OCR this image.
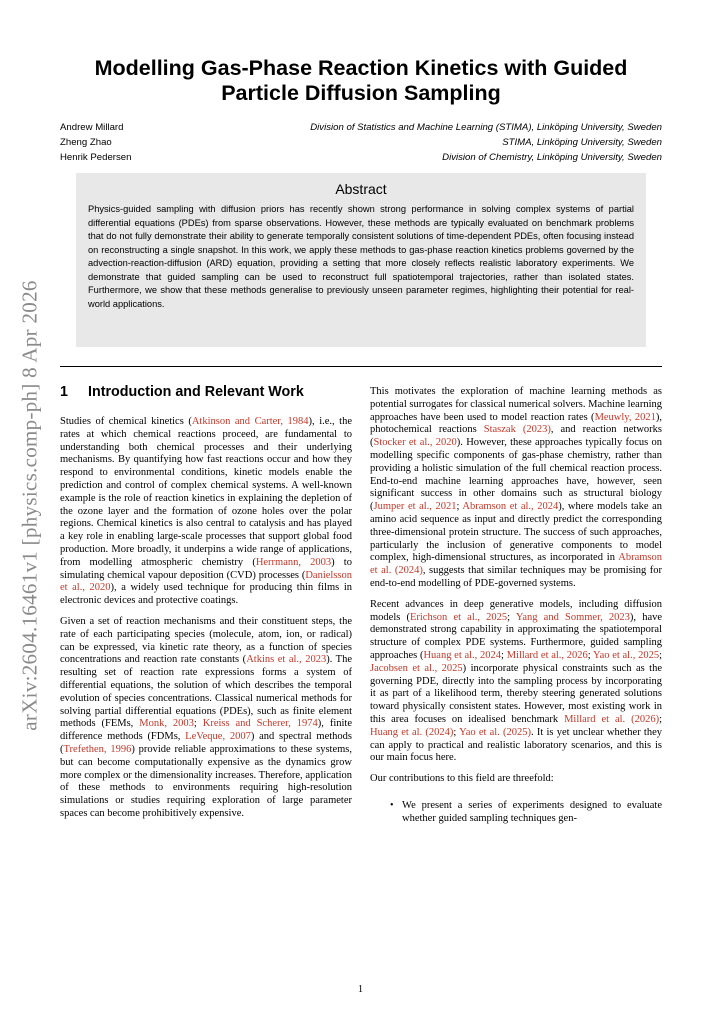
arXiv:2604.16461v1 [physics.comp-ph] 8 Apr 2026
Modelling Gas-Phase Reaction Kinetics with Guided
Particle Diffusion Sampling
Andrew Millard	Division of Statistics and Machine Learning (STIMA), Linköping University, Sweden
Zheng Zhao	STIMA, Linköping University, Sweden
Henrik Pedersen	Division of Chemistry, Linköping University, Sweden
Abstract

Physics-guided sampling with diffusion priors has recently shown strong performance in solving complex systems of partial differential equations (PDEs) from sparse observations. However, these methods are typically evaluated on benchmark problems that do not fully demonstrate their ability to generate temporally consistent solutions of time-dependent PDEs, often focusing instead on reconstructing a single snapshot. In this work, we apply these methods to gas-phase reaction kinetics problems governed by the advection-reaction-diffusion (ARD) equation, providing a setting that more closely reflects realistic laboratory experiments. We demonstrate that guided sampling can be used to reconstruct full spatiotemporal trajectories, rather than isolated states. Furthermore, we show that these methods generalise to previously unseen parameter regimes, highlighting their potential for real-world applications.

1 Introduction and Relevant Work

Studies of chemical kinetics (Atkinson and Carter, 1984), i.e., the rates at which chemical reactions proceed, are fundamental to understanding both chemical processes and their underlying mechanisms. By quantifying how fast reactions occur and how they respond to environmental conditions, kinetic models enable the prediction and control of complex chemical systems. A well-known example is the role of reaction kinetics in explaining the depletion of the ozone layer and the formation of ozone holes over the polar regions. Chemical kinetics is also central to catalysis and has played a key role in enabling large-scale processes that support global food production. More broadly, it underpins a wide range of applications, from modelling atmospheric chemistry (Herrmann, 2003) to simulating chemical vapour deposition (CVD) processes (Danielsson et al., 2020), a widely used technique for producing thin films in electronic devices and protective coatings.

Given a set of reaction mechanisms and their constituent steps, the rate of each participating species (molecule, atom, ion, or radical) can be expressed, via kinetic rate theory, as a function of species concentrations and reaction rate constants (Atkins et al., 2023). The resulting set of reaction rate expressions forms a system of differential equations, the solution of which describes the temporal evolution of species concentrations. Classical numerical methods for solving partial differential equations (PDEs), such as finite element methods (FEMs, Monk, 2003; Kreiss and Scherer, 1974), finite difference methods (FDMs, LeVeque, 2007) and spectral methods (Trefethen, 1996) provide reliable approximations to these systems, but can become computationally expensive as the dynamics grow more complex or the dimensionality increases. Therefore, application of these methods to environments requiring high-resolution simulations or studies requiring exploration of large parameter spaces can become prohibitively expensive.

This motivates the exploration of machine learning methods as potential surrogates for classical numerical solvers. Machine learning approaches have been used to model reaction rates (Meuwly, 2021), photochemical reactions Staszak (2023), and reaction networks (Stocker et al., 2020). However, these approaches typically focus on modelling specific components of gas-phase chemistry, rather than providing a holistic simulation of the full chemical reaction process. End-to-end machine learning approaches have, however, seen significant success in other domains such as structural biology (Jumper et al., 2021; Abramson et al., 2024), where models take an amino acid sequence as input and directly predict the corresponding three-dimensional protein structure. The success of such approaches, particularly the inclusion of generative components to model complex, high-dimensional structures, as incorporated in Abramson et al. (2024), suggests that similar techniques may be promising for end-to-end modelling of PDE-governed systems.

Recent advances in deep generative models, including diffusion models (Erichson et al., 2025; Yang and Sommer, 2023), have demonstrated strong capability in approximating the spatiotemporal structure of complex PDE systems. Furthermore, guided sampling approaches (Huang et al., 2024; Millard et al., 2026; Yao et al., 2025; Jacobsen et al., 2025) incorporate physical constraints such as the governing PDE, directly into the sampling process by incorporating it as part of a likelihood term, thereby steering generated solutions toward physically consistent states. However, most existing work in this area focuses on idealised benchmark Millard et al. (2026); Huang et al. (2024); Yao et al. (2025). It is yet unclear whether they can apply to practical and realistic laboratory scenarios, and this is our main focus here.

Our contributions to this field are threefold:

• We present a series of experiments designed to evaluate whether guided sampling techniques gen-
1
